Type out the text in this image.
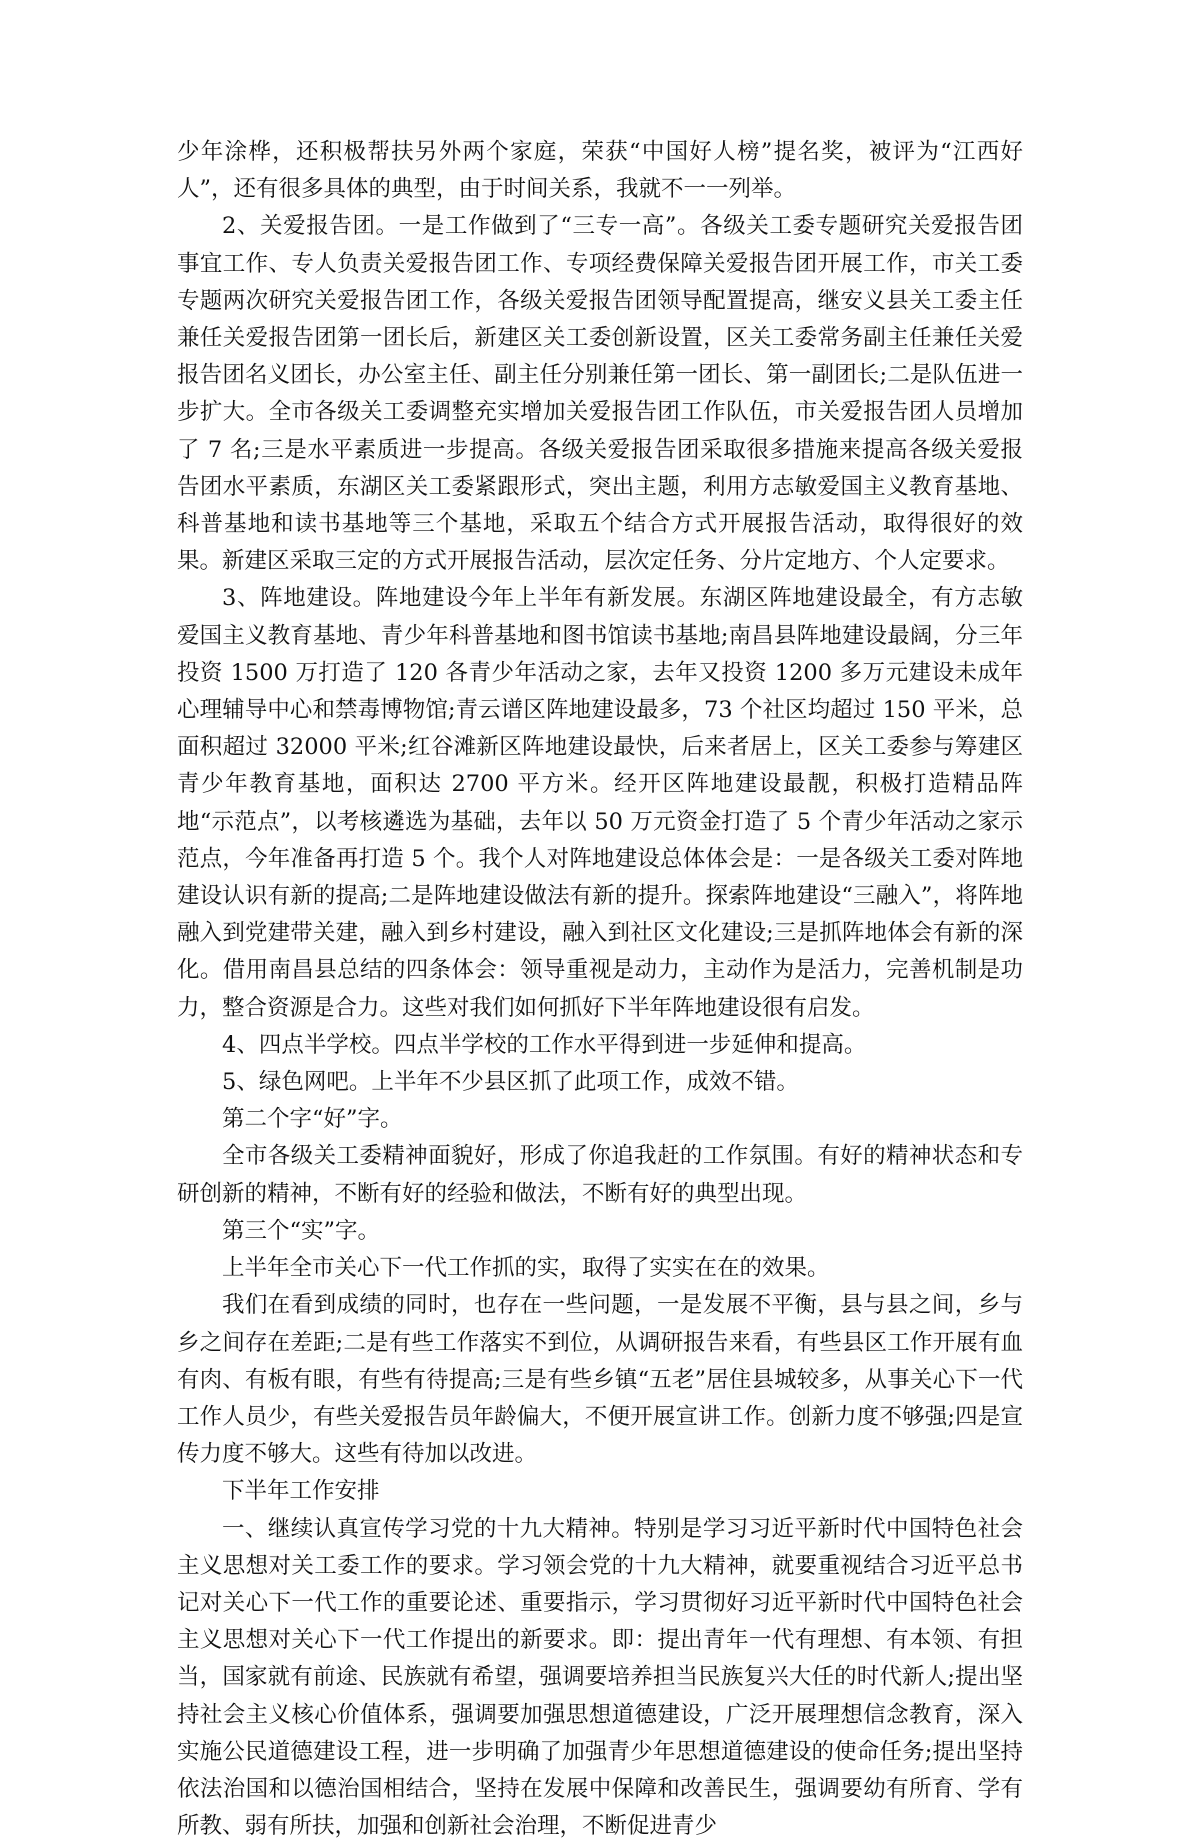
少年涂桦，还积极帮扶另外两个家庭，荣获“中国好人榜”提名奖，被评为“江西好人”，还有很多具体的典型，由于时间关系，我就不一一列举。

2、关爱报告团。一是工作做到了“三专一高”。各级关工委专题研究关爱报告团事宜工作、专人负责关爱报告团工作、专项经费保障关爱报告团开展工作，市关工委专题两次研究关爱报告团工作，各级关爱报告团领导配置提高，继安义县关工委主任兼任关爱报告团第一团长后，新建区关工委创新设置，区关工委常务副主任兼任关爱报告团名义团长，办公室主任、副主任分别兼任第一团长、第一副团长;二是队伍进一步扩大。全市各级关工委调整充实增加关爱报告团工作队伍，市关爱报告团人员增加了 7 名;三是水平素质进一步提高。各级关爱报告团采取很多措施来提高各级关爱报告团水平素质，东湖区关工委紧跟形式，突出主题，利用方志敏爱国主义教育基地、科普基地和读书基地等三个基地，采取五个结合方式开展报告活动，取得很好的效果。新建区采取三定的方式开展报告活动，层次定任务、分片定地方、个人定要求。

3、阵地建设。阵地建设今年上半年有新发展。东湖区阵地建设最全，有方志敏爱国主义教育基地、青少年科普基地和图书馆读书基地;南昌县阵地建设最阔，分三年投资 1500 万打造了 120 各青少年活动之家，去年又投资 1200 多万元建设未成年心理辅导中心和禁毒博物馆;青云谱区阵地建设最多，73 个社区均超过 150 平米，总面积超过 32000 平米;红谷滩新区阵地建设最快，后来者居上，区关工委参与筹建区青少年教育基地，面积达 2700 平方米。经开区阵地建设最靓，积极打造精品阵地“示范点”，以考核遴选为基础，去年以 50 万元资金打造了 5 个青少年活动之家示范点，今年准备再打造 5 个。我个人对阵地建设总体体会是：一是各级关工委对阵地建设认识有新的提高;二是阵地建设做法有新的提升。探索阵地建设“三融入”，将阵地融入到党建带关建，融入到乡村建设，融入到社区文化建设;三是抓阵地体会有新的深化。借用南昌县总结的四条体会：领导重视是动力，主动作为是活力，完善机制是功力，整合资源是合力。这些对我们如何抓好下半年阵地建设很有启发。

4、四点半学校。四点半学校的工作水平得到进一步延伸和提高。

5、绿色网吧。上半年不少县区抓了此项工作，成效不错。

第二个字“好”字。

全市各级关工委精神面貌好，形成了你追我赶的工作氛围。有好的精神状态和专研创新的精神，不断有好的经验和做法，不断有好的典型出现。

第三个“实”字。

上半年全市关心下一代工作抓的实，取得了实实在在的效果。

我们在看到成绩的同时，也存在一些问题，一是发展不平衡，县与县之间，乡与乡之间存在差距;二是有些工作落实不到位，从调研报告来看，有些县区工作开展有血有肉、有板有眼，有些有待提高;三是有些乡镇“五老”居住县城较多，从事关心下一代工作人员少，有些关爱报告员年龄偏大，不便开展宣讲工作。创新力度不够强;四是宣传力度不够大。这些有待加以改进。

下半年工作安排

一、继续认真宣传学习党的十九大精神。特别是学习习近平新时代中国特色社会主义思想对关工委工作的要求。学习领会党的十九大精神，就要重视结合习近平总书记对关心下一代工作的重要论述、重要指示，学习贯彻好习近平新时代中国特色社会主义思想对关心下一代工作提出的新要求。即：提出青年一代有理想、有本领、有担当，国家就有前途、民族就有希望，强调要培养担当民族复兴大任的时代新人;提出坚持社会主义核心价值体系，强调要加强思想道德建设，广泛开展理想信念教育，深入实施公民道德建设工程，进一步明确了加强青少年思想道德建设的使命任务;提出坚持依法治国和以德治国相结合，坚持在发展中保障和改善民生，强调要幼有所育、学有所教、弱有所扶，加强和创新社会治理，不断促进青少
